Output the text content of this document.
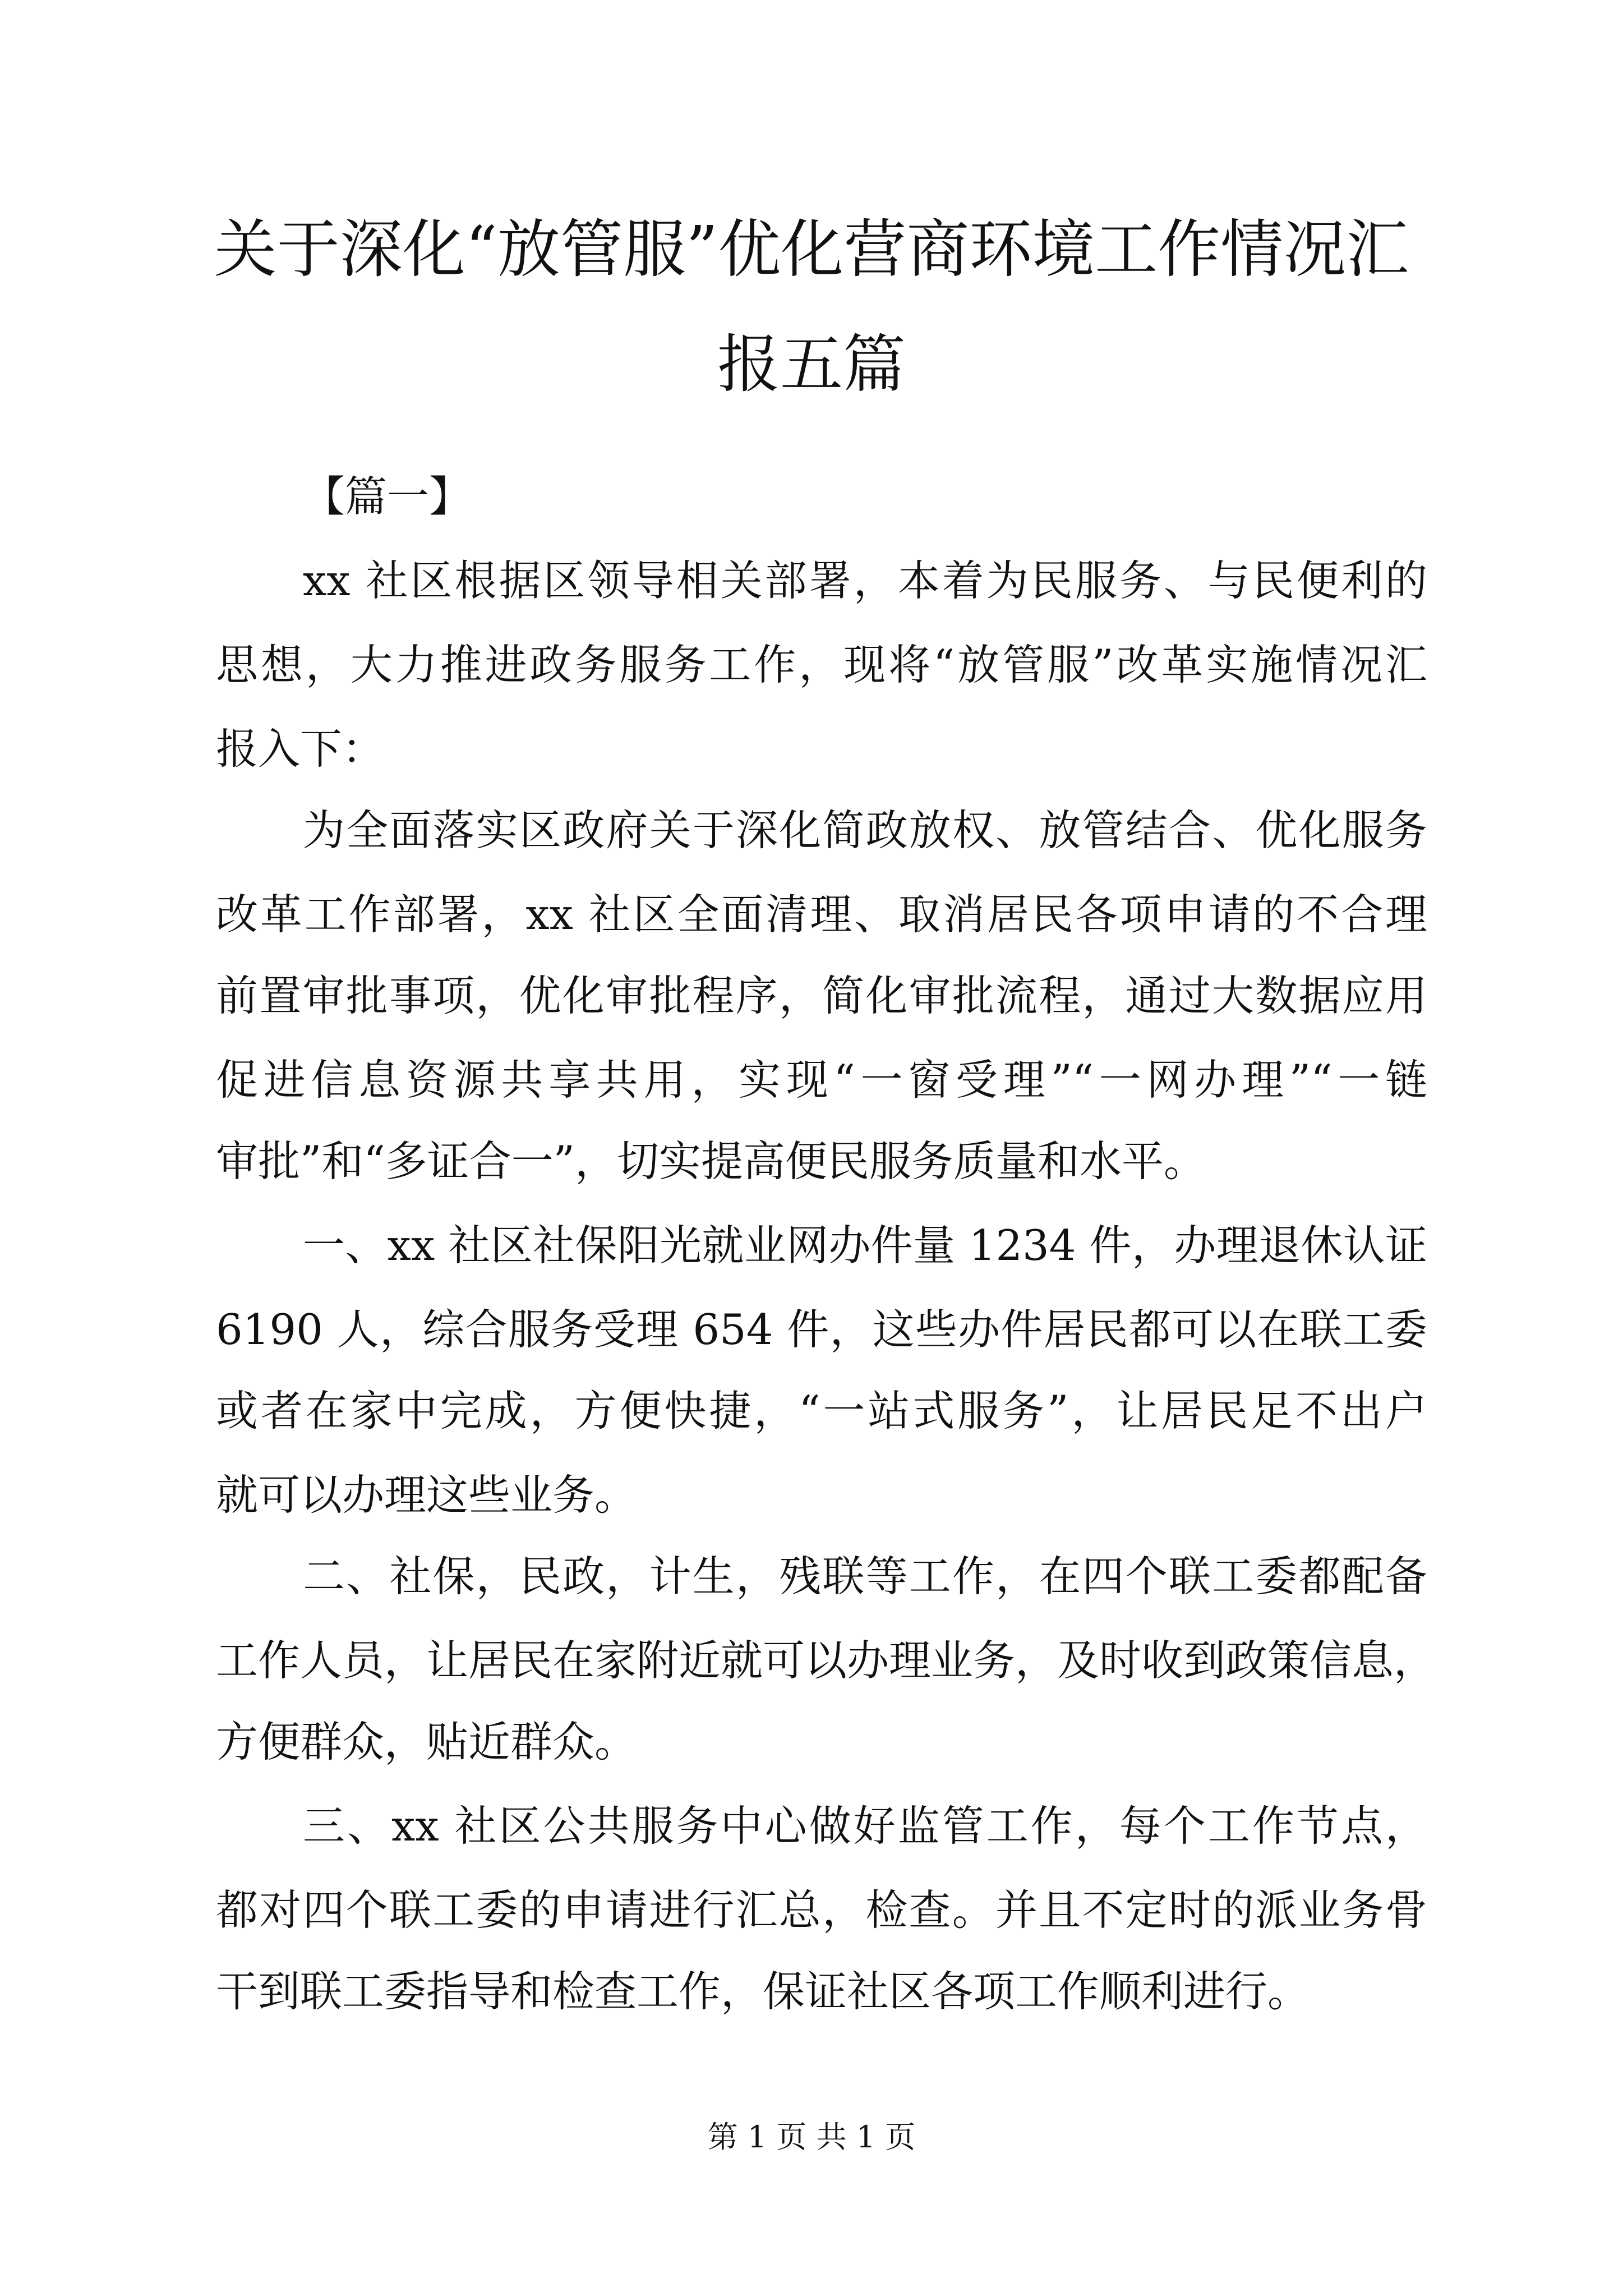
关于深化“放管服”优化营商环境工作情况汇
报五篇

【篇一】

xx 社区根据区领导相关部署，本着为民服务、与民便利的

思想，大力推进政务服务工作，现将“放管服”改革实施情况汇

报入下：

为全面落实区政府关于深化简政放权、放管结合、优化服务

改革工作部署，xx 社区全面清理、取消居民各项申请的不合理

前置审批事项，优化审批程序，简化审批流程，通过大数据应用

促进信息资源共享共用，实现“一窗受理”“一网办理”“一链

审批”和“多证合一”，切实提高便民服务质量和水平。

一、xx 社区社保阳光就业网办件量 1234 件，办理退休认证

6190 人，综合服务受理 654 件，这些办件居民都可以在联工委

或者在家中完成，方便快捷，“一站式服务”，让居民足不出户

就可以办理这些业务。

二、社保，民政，计生，残联等工作，在四个联工委都配备

工作人员，让居民在家附近就可以办理业务，及时收到政策信息，

方便群众，贴近群众。

三、xx 社区公共服务中心做好监管工作，每个工作节点，

都对四个联工委的申请进行汇总，检查。并且不定时的派业务骨

干到联工委指导和检查工作，保证社区各项工作顺利进行。

第 1 页 共 1 页
